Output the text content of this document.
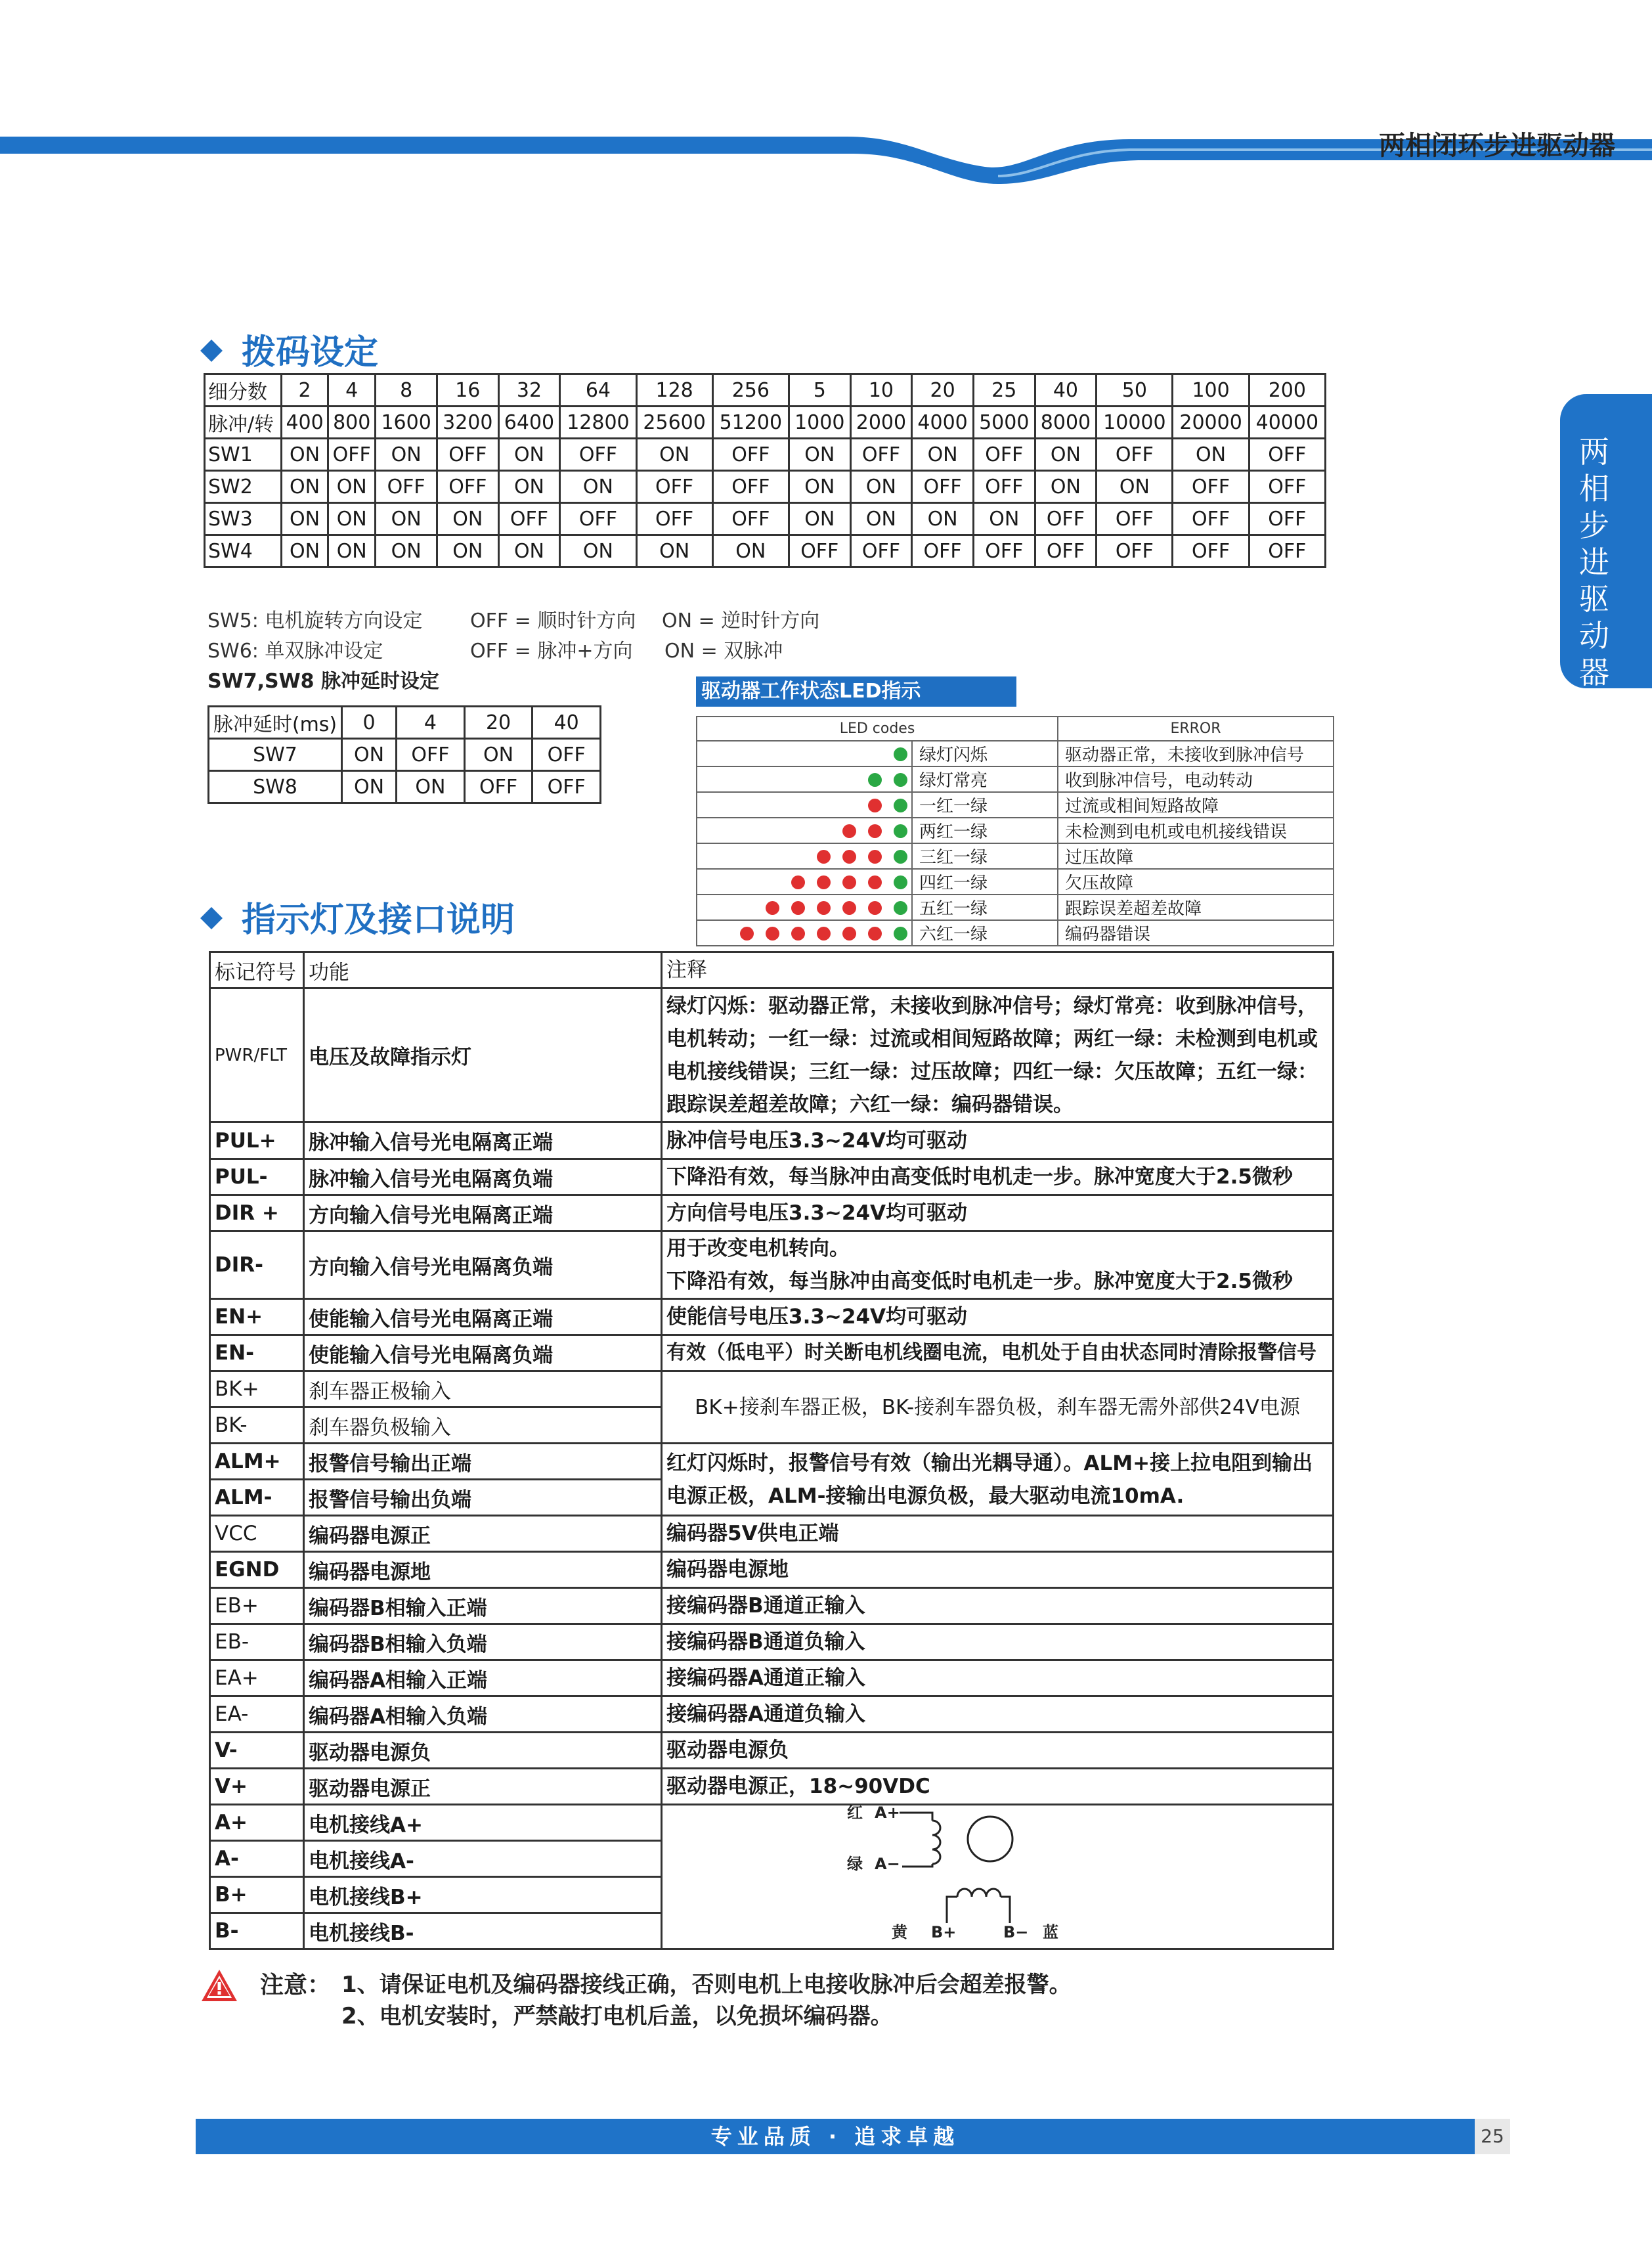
两相闭环步进驱动器
两相步进驱动器
拨码设定
细分数	2	4	8	16	32	64	128	256	5	10	20	25	40	50	100	200
脉冲/转	400	800	1600	3200	6400	12800	25600	51200	1000	2000	4000	5000	8000	10000	20000	40000
SW1	ON	OFF	ON	OFF	ON	OFF	ON	OFF	ON	OFF	ON	OFF	ON	OFF	ON	OFF
SW2	ON	ON	OFF	OFF	ON	ON	OFF	OFF	ON	ON	OFF	OFF	ON	ON	OFF	OFF
SW3	ON	ON	ON	ON	OFF	OFF	OFF	OFF	ON	ON	ON	ON	OFF	OFF	OFF	OFF
SW4	ON	ON	ON	ON	ON	ON	ON	ON	OFF	OFF	OFF	OFF	OFF	OFF	OFF	OFF
SW5: 电机旋转方向设定 OFF = 顺时针方向 ON = 逆时针方向
SW6: 单双脉冲设定	OFF = 脉冲+方向 ON = 双脉冲
SW7,SW8 脉冲延时设定
脉冲延时(ms)	0	4	20	40
SW7	ON	OFF	ON	OFF
SW8	ON	ON	OFF	OFF
驱动器工作状态LED指示
LED codes		ERROR
	绿灯闪烁	驱动器正常，未接收到脉冲信号
	绿灯常亮	收到脉冲信号，电动转动
	一红一绿	过流或相间短路故障
	两红一绿	未检测到电机或电机接线错误
	三红一绿	过压故障
	四红一绿	欠压故障
	五红一绿	跟踪误差超差故障
	六红一绿	编码器错误
指示灯及接口说明
标记符号	功能	注释
PWR/FLT	电压及故障指示灯	绿灯闪烁：驱动器正常，未接收到脉冲信号；绿灯常亮：收到脉冲信号，电机转动；一红一绿：过流或相间短路故障；两红一绿：未检测到电机或电机接线错误；三红一绿：过压故障；四红一绿：欠压故障；五红一绿：跟踪误差超差故障；六红一绿：编码器错误。
PUL+	脉冲输入信号光电隔离正端	脉冲信号电压3.3~24V均可驱动
PUL-	脉冲输入信号光电隔离负端	下降沿有效，每当脉冲由高变低时电机走一步。脉冲宽度大于2.5微秒
DIR +	方向输入信号光电隔离正端	方向信号电压3.3~24V均可驱动
DIR-	方向输入信号光电隔离负端	用于改变电机转向。
下降沿有效，每当脉冲由高变低时电机走一步。脉冲宽度大于2.5微秒

EN+	使能输入信号光电隔离正端	使能信号电压3.3~24V均可驱动
EN-	使能输入信号光电隔离负端	有效（低电平）时关断电机线圈电流，电机处于自由状态同时清除报警信号
BK+	刹车器正极输入	BK+接刹车器正极，BK-接刹车器负极，刹车器无需外部供24V电源
BK-	刹车器负极输入	
ALM+	报警信号输出正端	红灯闪烁时，报警信号有效（输出光耦导通）。ALM+接上拉电阻到输出电源正极，ALM-接输出电源负极，最大驱动电流10mA.
ALM-	报警信号输出负端	
VCC	编码器电源正	编码器5V供电正端
EGND	编码器电源地	编码器电源地
EB+	编码器B相输入正端	接编码器B通道正输入
EB-	编码器B相输入负端	接编码器B通道负输入
EA+	编码器A相输入正端	接编码器A通道正输入
EA-	编码器A相输入负端	接编码器A通道负输入
V-	驱动器电源负	驱动器电源负
V+	驱动器电源正	驱动器电源正，18~90VDC
A+	电机接线A+	
A-	电机接线A-	
B+	电机接线B+	
B-	电机接线B-	
红 A+
绿 A−
黄 B+	B− 蓝
注意： 1、请保证电机及编码器接线正确，否则电机上电接收脉冲后会超差报警。
2、电机安装时，严禁敲打电机后盖，以免损坏编码器。
专业品质 · 追求卓越	25
